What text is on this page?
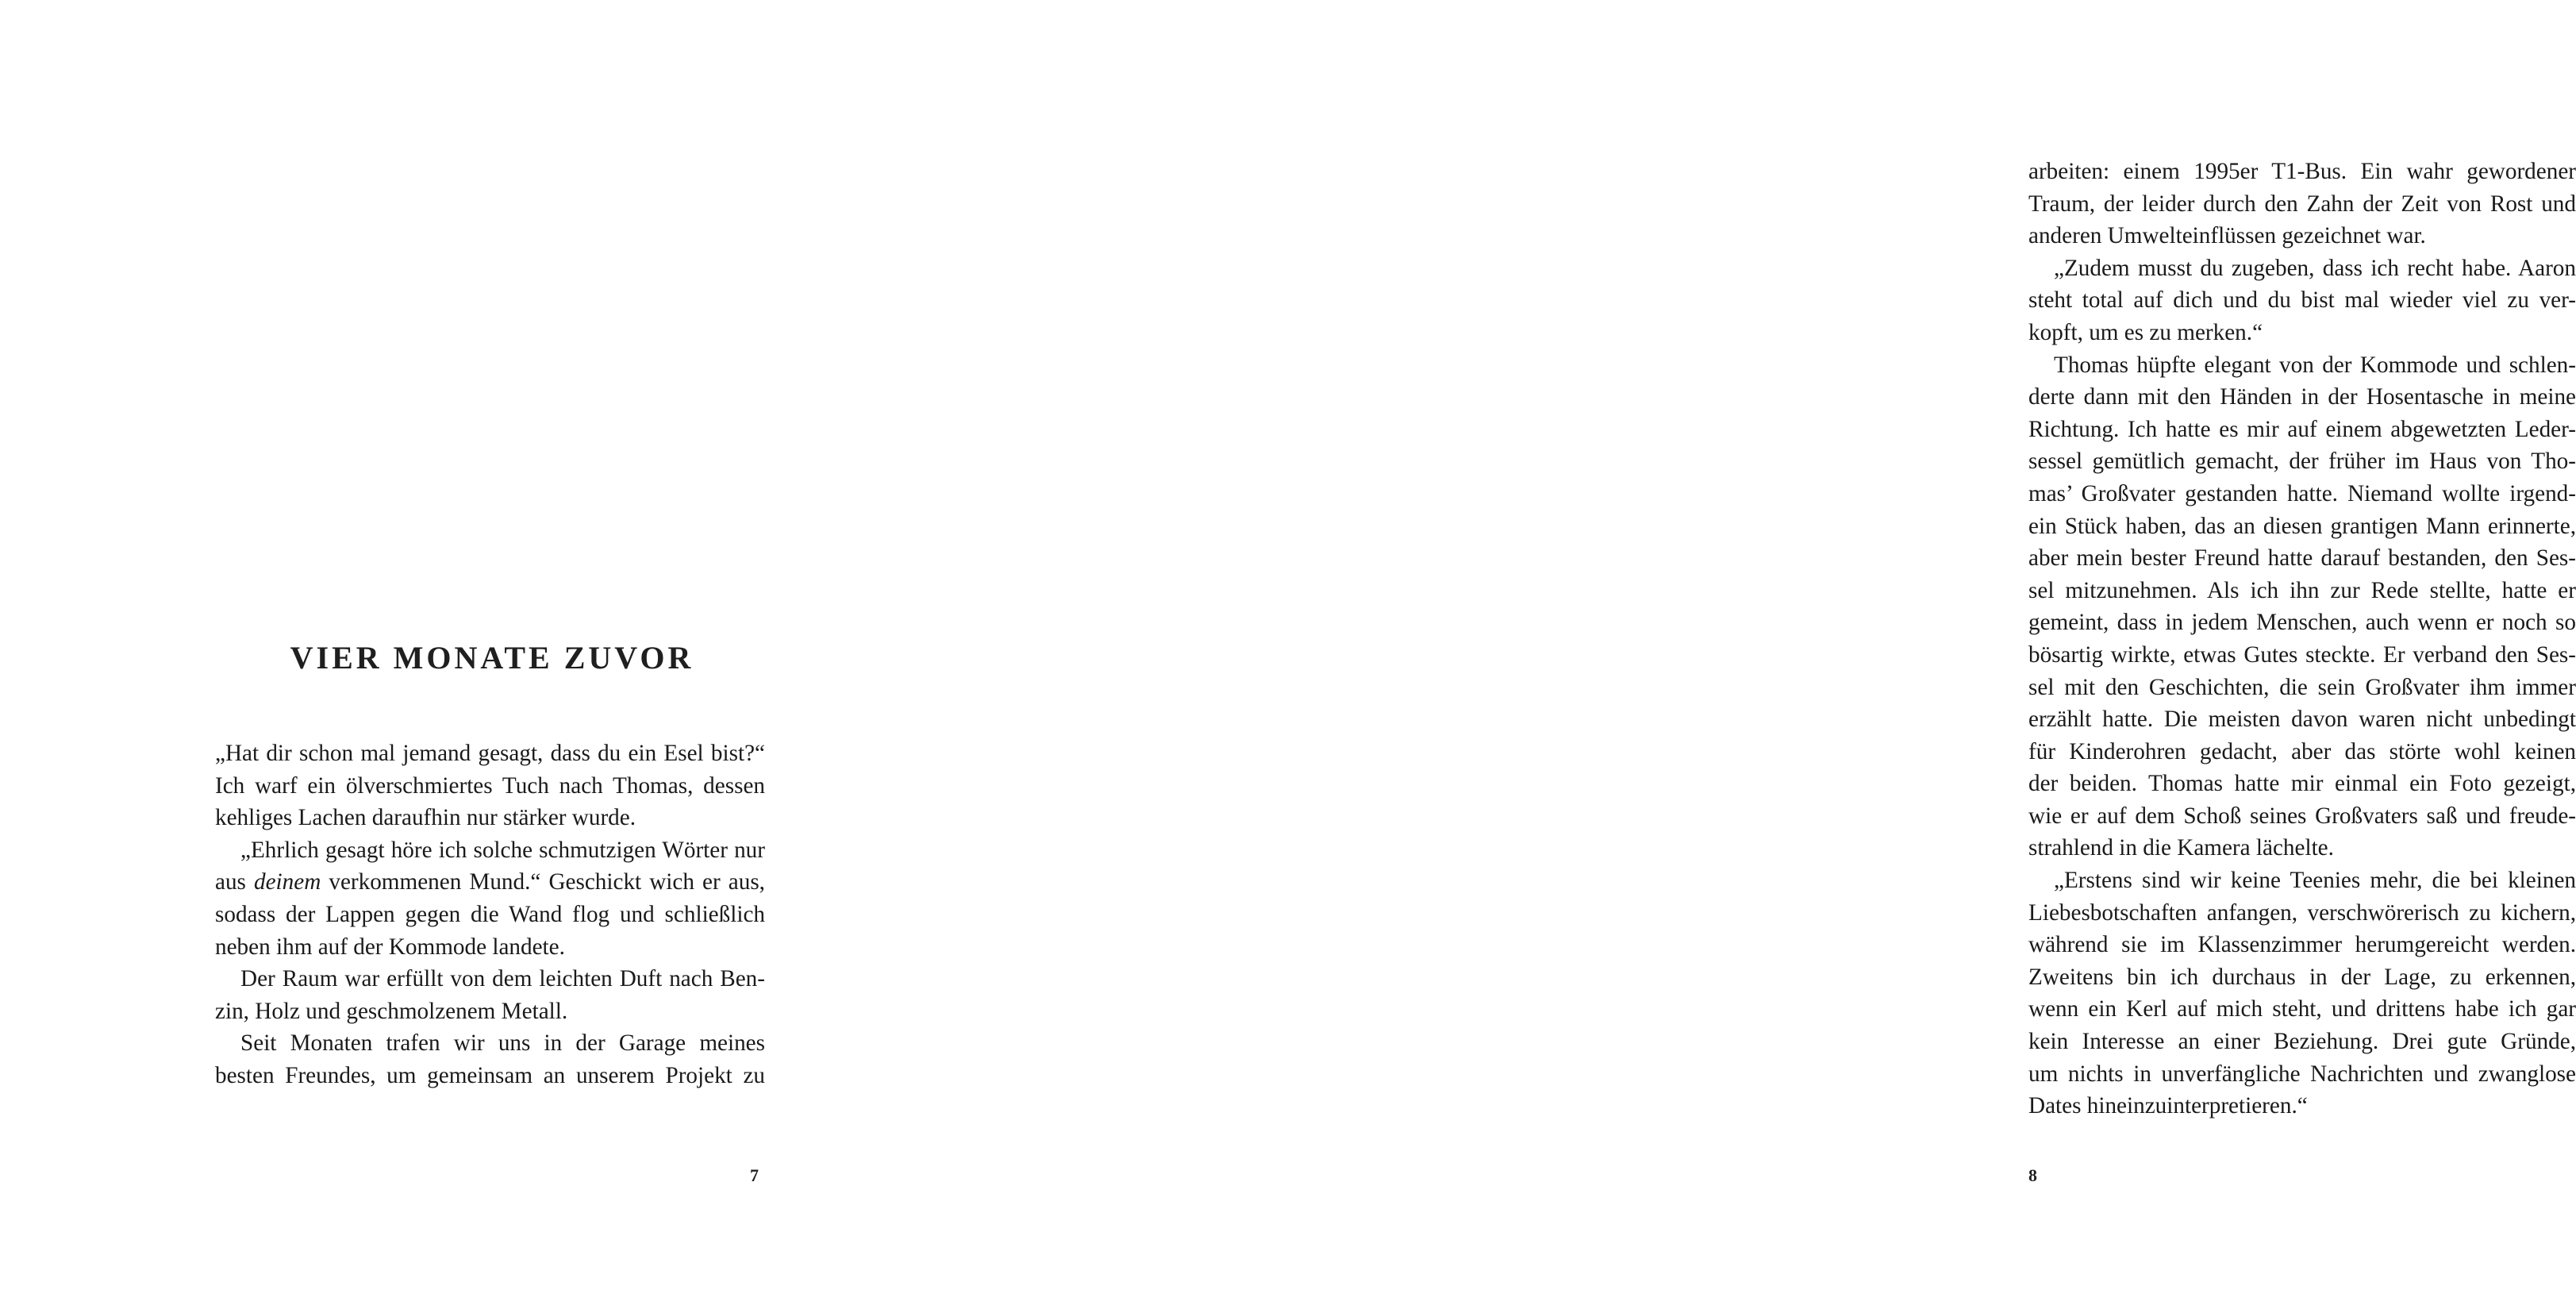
VIER MONATE ZUVOR
„Hat dir schon mal jemand gesagt, dass du ein Esel bist?“
Ich warf ein ölverschmiertes Tuch nach Thomas, dessen
kehliges Lachen daraufhin nur stärker wurde.
„Ehrlich gesagt höre ich solche schmutzigen Wörter nur
aus deinem verkommenen Mund.“ Geschickt wich er aus,
sodass der Lappen gegen die Wand flog und schließlich
neben ihm auf der Kommode landete.
Der Raum war erfüllt von dem leichten Duft nach Ben-
zin, Holz und geschmolzenem Metall.
Seit Monaten trafen wir uns in der Garage meines
besten Freundes, um gemeinsam an unserem Projekt zu
7
arbeiten: einem 1995er T1-Bus. Ein wahr gewordener
Traum, der leider durch den Zahn der Zeit von Rost und
anderen Umwelteinflüssen gezeichnet war.
„Zudem musst du zugeben, dass ich recht habe. Aaron
steht total auf dich und du bist mal wieder viel zu ver-
kopft, um es zu merken.“
Thomas hüpfte elegant von der Kommode und schlen-
derte dann mit den Händen in der Hosentasche in meine
Richtung. Ich hatte es mir auf einem abgewetzten Leder-
sessel gemütlich gemacht, der früher im Haus von Tho-
mas’ Großvater gestanden hatte. Niemand wollte irgend-
ein Stück haben, das an diesen grantigen Mann erinnerte,
aber mein bester Freund hatte darauf bestanden, den Ses-
sel mitzunehmen. Als ich ihn zur Rede stellte, hatte er
gemeint, dass in jedem Menschen, auch wenn er noch so
bösartig wirkte, etwas Gutes steckte. Er verband den Ses-
sel mit den Geschichten, die sein Großvater ihm immer
erzählt hatte. Die meisten davon waren nicht unbedingt
für Kinderohren gedacht, aber das störte wohl keinen
der beiden. Thomas hatte mir einmal ein Foto gezeigt,
wie er auf dem Schoß seines Großvaters saß und freude-
strahlend in die Kamera lächelte.
„Erstens sind wir keine Teenies mehr, die bei kleinen
Liebesbotschaften anfangen, verschwörerisch zu kichern,
während sie im Klassenzimmer herumgereicht werden.
Zweitens bin ich durchaus in der Lage, zu erkennen,
wenn ein Kerl auf mich steht, und drittens habe ich gar
kein Interesse an einer Beziehung. Drei gute Gründe,
um nichts in unverfängliche Nachrichten und zwanglose
Dates hineinzuinterpretieren.“
8
